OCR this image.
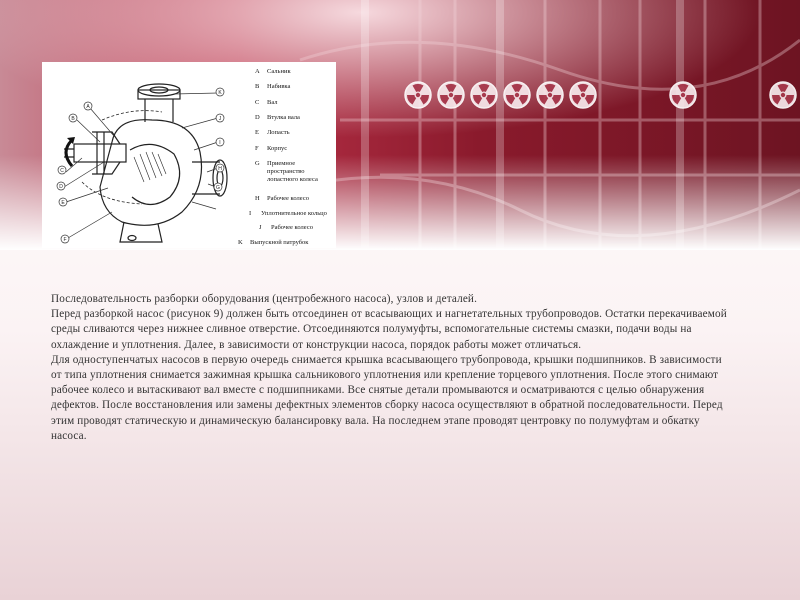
A
B
C
D
E
F
K
J
I
H
G
A Сальник
B Набивка
C Вал
D Втулка вала
E Лопасть
F Корпус
G Приемное
пространство
лопастного колеса
H Рабочее колесо
I Уплотнительное кольцо
J Рабочее колесо
K Выпускной патрубок

Последовательность разборки оборудования (центробежного насоса), узлов и деталей.

Перед разборкой насос (рисунок 9) должен быть отсоединен от всасывающих и нагнетательных трубопроводов. Остатки перекачиваемой среды сливаются через нижнее сливное отверстие. Отсоединяются полумуфты, вспомогательные системы смазки, подачи воды на охлаждение и уплотнения. Далее, в зависимости от конструкции насоса, порядок работы может отличаться.

Для одноступенчатых насосов в первую очередь снимается крышка всасывающего трубопровода, крышки подшипников. В зависимости от типа уплотнения снимается зажимная крышка сальникового уплотнения или крепление торцевого уплотнения. После этого снимают рабочее колесо и вытаскивают вал вместе с подшипниками. Все снятые детали промываются и осматриваются с целью обнаружения дефектов. После восстановления или замены дефектных элементов сборку насоса осуществляют в обратной последовательности. Перед этим проводят статическую и динамическую балансировку вала. На последнем этапе проводят центровку по полумуфтам и обкатку насоса.
